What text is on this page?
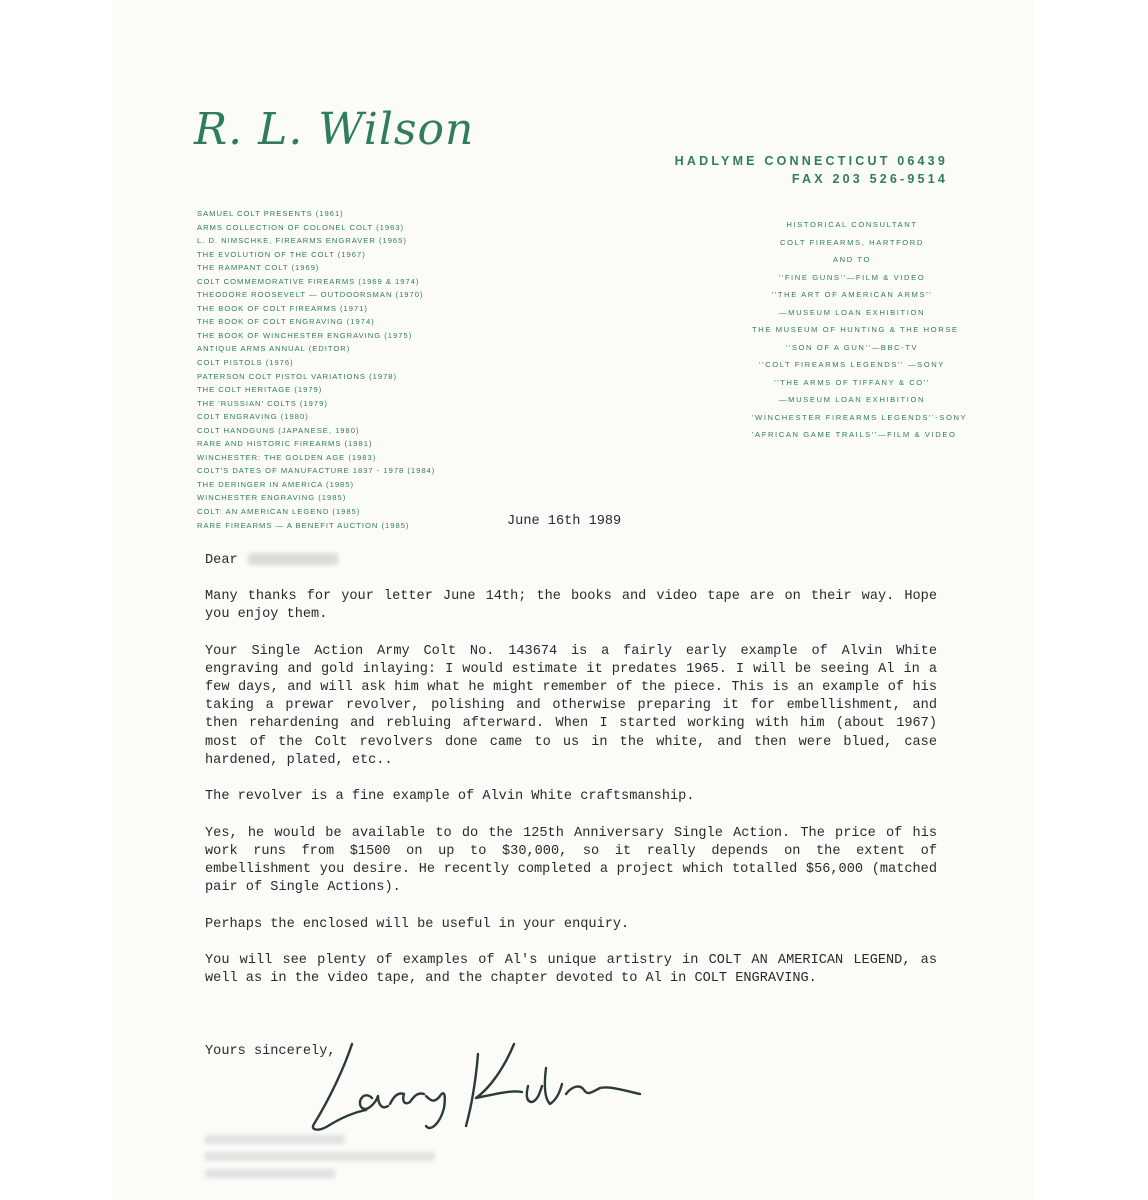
R. L. Wilson
HADLYME CONNECTICUT 06439
FAX 203 526-9514
SAMUEL COLT PRESENTS (1961)
ARMS COLLECTION OF COLONEL COLT (1963)
L. D. NIMSCHKE, FIREARMS ENGRAVER (1965)
THE EVOLUTION OF THE COLT (1967)
THE RAMPANT COLT (1969)
COLT COMMEMORATIVE FIREARMS (1969 & 1974)
THEODORE ROOSEVELT — OUTDOORSMAN (1970)
THE BOOK OF COLT FIREARMS (1971)
THE BOOK OF COLT ENGRAVING (1974)
THE BOOK OF WINCHESTER ENGRAVING (1975)
ANTIQUE ARMS ANNUAL (EDITOR)
COLT PISTOLS (1976)
PATERSON COLT PISTOL VARIATIONS (1978)
THE COLT HERITAGE (1979)
THE 'RUSSIAN' COLTS (1979)
COLT ENGRAVING (1980)
COLT HANDGUNS (JAPANESE, 1980)
RARE AND HISTORIC FIREARMS (1981)
WINCHESTER: THE GOLDEN AGE (1983)
COLT'S DATES OF MANUFACTURE 1837 - 1978 (1984)
THE DERINGER IN AMERICA (1985)
WINCHESTER ENGRAVING (1985)
COLT: AN AMERICAN LEGEND (1985)
RARE FIREARMS — A BENEFIT AUCTION (1985)
HISTORICAL CONSULTANT
COLT FIREARMS, HARTFORD
AND TO
''FINE GUNS''—FILM & VIDEO
''THE ART OF AMERICAN ARMS''
—MUSEUM LOAN EXHIBITION
THE MUSEUM OF HUNTING & THE HORSE
''SON OF A GUN''—BBC-TV
''COLT FIREARMS LEGENDS'' —SONY
''THE ARMS OF TIFFANY & CO''
—MUSEUM LOAN EXHIBITION
'WINCHESTER FIREARMS LEGENDS''-SONY
'AFRICAN GAME TRAILS''—FILM & VIDEO
June 16th 1989
Dear

Many thanks for your letter June 14th; the books and video tape are on their way. Hope you enjoy them.

Your Single Action Army Colt No. 143674 is a fairly early example of Alvin White engraving and gold inlaying: I would estimate it predates 1965. I will be seeing Al in a few days, and will ask him what he might remember of the piece. This is an example of his taking a prewar revolver, polishing and otherwise preparing it for embellishment, and then rehardening and rebluing afterward. When I started working with him (about 1967) most of the Colt revolvers done came to us in the white, and then were blued, case hardened, plated, etc..

The revolver is a fine example of Alvin White craftsmanship.

Yes, he would be available to do the 125th Anniversary Single Action. The price of his work runs from $1500 on up to $30,000, so it really depends on the extent of embellishment you desire. He recently completed a project which totalled $56,000 (matched pair of Single Actions).

Perhaps the enclosed will be useful in your enquiry.

You will see plenty of examples of Al's unique artistry in COLT AN AMERICAN LEGEND, as well as in the video tape, and the chapter devoted to Al in COLT ENGRAVING.

Yours sincerely,
